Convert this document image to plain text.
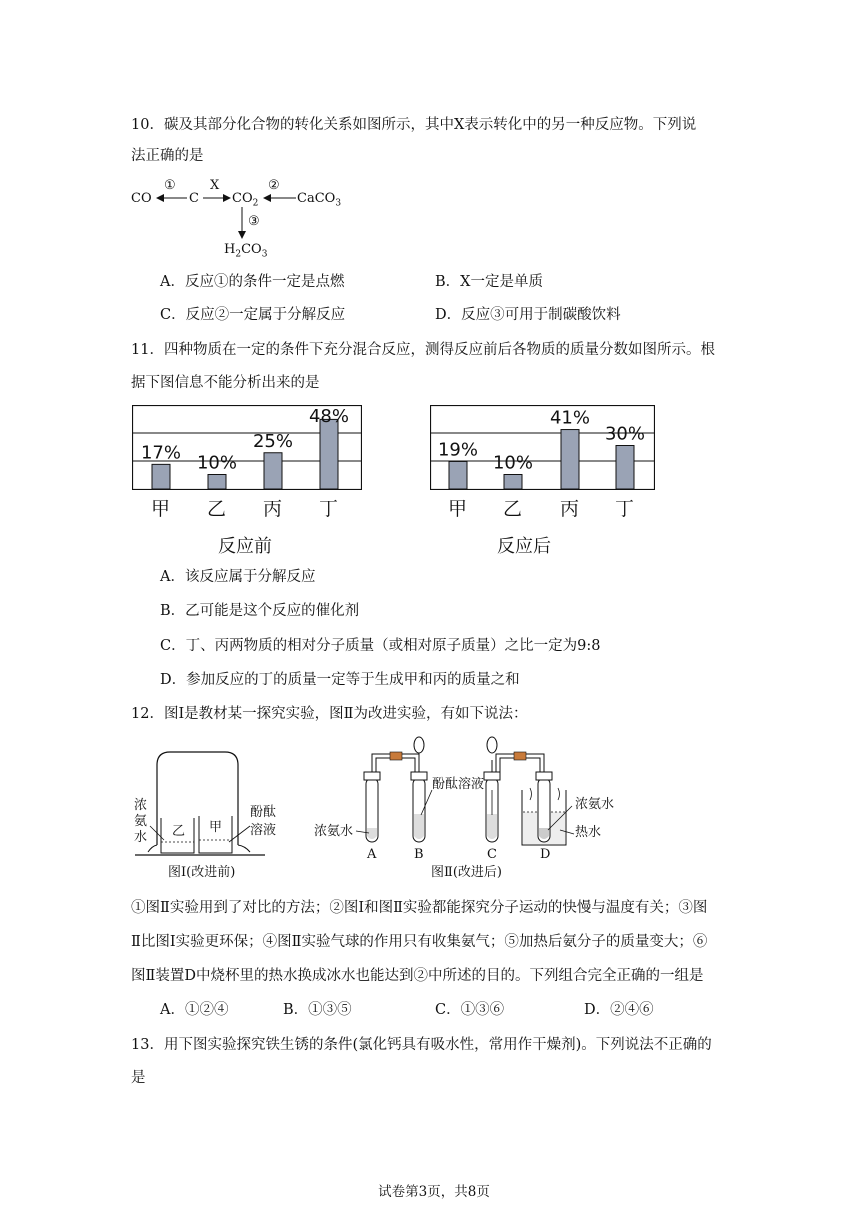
10．碳及其部分化合物的转化关系如图所示，其中X表示转化中的另一种反应物。下列说
法正确的是
CO	C	$CO_2$	CaCO$_3$
$H_2CO_3$
①	X	②
③
A．反应①的条件一定是点燃	B．X一定是单质
C．反应②一定属于分解反应	D．反应③可用于制碳酸饮料
11．四种物质在一定的条件下充分混合反应，测得反应前后各物质的质量分数如图所示。根
据下图信息不能分析出来的是
17% 10%
25%
48%
19%
10%
41%
30%
甲 乙 丙 丁	甲 乙 丙 丁
反应前	反应后
A．该反应属于分解反应
B．乙可能是这个反应的催化剂
C．丁、丙两物质的相对分子质量（或相对原子质量）之比一定为9:8
D．参加反应的丁的质量一定等于生成甲和丙的质量之和
12．图Ⅰ是教材某一探究实验，图Ⅱ为改进实验，有如下说法：
浓
氨
水 乙 甲
酚酞
溶液
图Ⅰ(改进前)
浓氨水
酚酞溶液
浓氨水
热水
A	B	C	D
图Ⅱ(改进后)
①图Ⅱ实验用到了对比的方法；②图Ⅰ和图Ⅱ实验都能探究分子运动的快慢与温度有关；③图
Ⅱ比图Ⅰ实验更环保；④图Ⅱ实验气球的作用只有收集氨气；⑤加热后氨分子的质量变大；⑥
图Ⅱ装置D中烧杯里的热水换成冰水也能达到②中所述的目的。下列组合完全正确的一组是
A．①②④	B．①③⑤	C．①③⑥	D．②④⑥
13．用下图实验探究铁生锈的条件(氯化钙具有吸水性，常用作干燥剂)。下列说法不正确的
是
试卷第3页，共8页
